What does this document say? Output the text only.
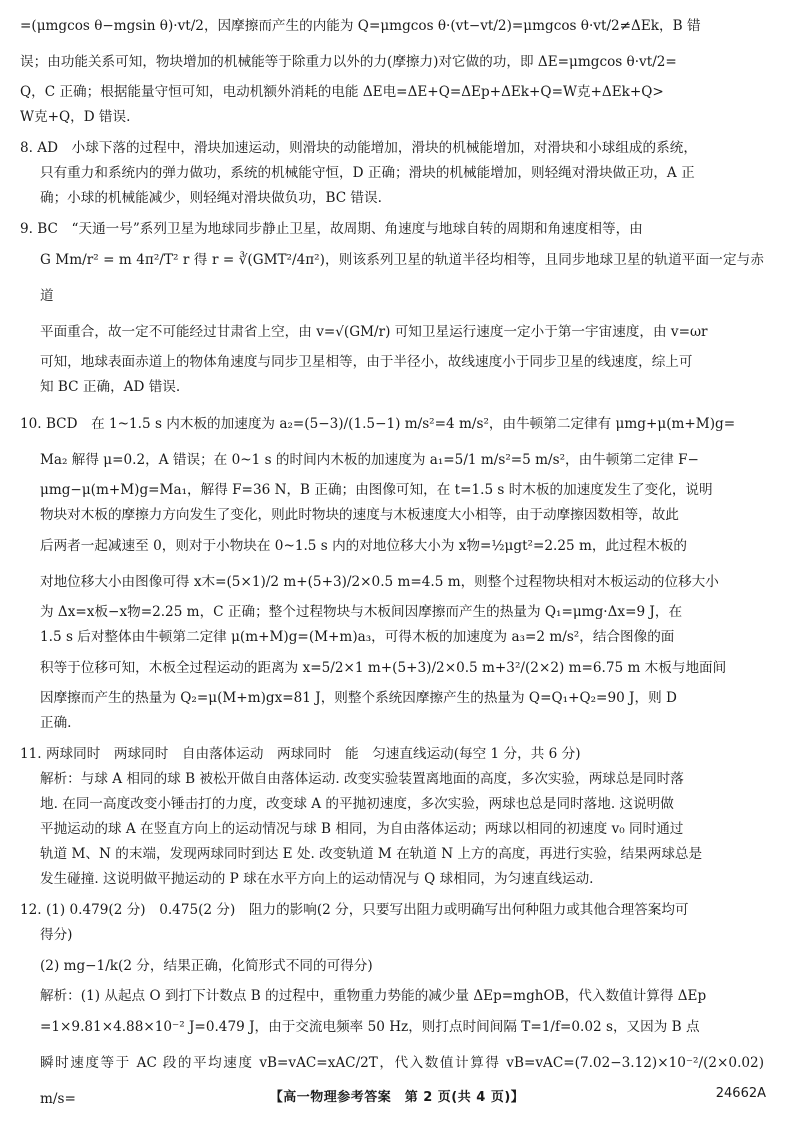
=(μmgcos θ−mgsin θ)·vt/2，因摩擦而产生的内能为 Q=μmgcos θ·(vt−vt/2)=μmgcos θ·vt/2≠ΔEk，B 错

误；由功能关系可知，物块增加的机械能等于除重力以外的力(摩擦力)对它做的功，即 ΔE=μmgcos θ·vt/2=

Q，C 正确；根据能量守恒可知，电动机额外消耗的电能 ΔE电=ΔE+Q=ΔEp+ΔEk+Q=W克+ΔEk+Q>

W克+Q，D 错误.

8. AD　小球下落的过程中，滑块加速运动，则滑块的动能增加，滑块的机械能增加，对滑块和小球组成的系统，

只有重力和系统内的弹力做功，系统的机械能守恒，D 正确；滑块的机械能增加，则轻绳对滑块做正功，A 正

确；小球的机械能减少，则轻绳对滑块做负功，BC 错误.

9. BC　“天通一号”系列卫星为地球同步静止卫星，故周期、角速度与地球自转的周期和角速度相等，由

G Mm/r² = m 4π²/T² r 得 r = ∛(GMT²/4π²)，则该系列卫星的轨道半径均相等，且同步地球卫星的轨道平面一定与赤道

平面重合，故一定不可能经过甘肃省上空，由 v=√(GM/r) 可知卫星运行速度一定小于第一宇宙速度，由 v=ωr

可知，地球表面赤道上的物体角速度与同步卫星相等，由于半径小，故线速度小于同步卫星的线速度，综上可

知 BC 正确，AD 错误.

10. BCD　在 1~1.5 s 内木板的加速度为 a₂=(5−3)/(1.5−1) m/s²=4 m/s²，由牛顿第二定律有 μmg+μ(m+M)g=

Ma₂ 解得 μ=0.2，A 错误；在 0~1 s 的时间内木板的加速度为 a₁=5/1 m/s²=5 m/s²，由牛顿第二定律 F−

μmg−μ(m+M)g=Ma₁，解得 F=36 N，B 正确；由图像可知，在 t=1.5 s 时木板的加速度发生了变化，说明

物块对木板的摩擦力方向发生了变化，则此时物块的速度与木板速度大小相等，由于动摩擦因数相等，故此

后两者一起减速至 0，则对于小物块在 0~1.5 s 内的对地位移大小为 x物=½μgt²=2.25 m，此过程木板的

对地位移大小由图像可得 x木=(5×1)/2 m+(5+3)/2×0.5 m=4.5 m，则整个过程物块相对木板运动的位移大小

为 Δx=x板−x物=2.25 m，C 正确；整个过程物块与木板间因摩擦而产生的热量为 Q₁=μmg·Δx=9 J，在

1.5 s 后对整体由牛顿第二定律 μ(m+M)g=(M+m)a₃，可得木板的加速度为 a₃=2 m/s²，结合图像的面

积等于位移可知，木板全过程运动的距离为 x=5/2×1 m+(5+3)/2×0.5 m+3²/(2×2) m=6.75 m 木板与地面间

因摩擦而产生的热量为 Q₂=μ(M+m)gx=81 J，则整个系统因摩擦产生的热量为 Q=Q₁+Q₂=90 J，则 D

正确.

11. 两球同时　两球同时　自由落体运动　两球同时　能　匀速直线运动(每空 1 分，共 6 分)

解析：与球 A 相同的球 B 被松开做自由落体运动. 改变实验装置离地面的高度，多次实验，两球总是同时落

地. 在同一高度改变小锤击打的力度，改变球 A 的平抛初速度，多次实验，两球也总是同时落地. 这说明做

平抛运动的球 A 在竖直方向上的运动情况与球 B 相同，为自由落体运动；两球以相同的初速度 v₀ 同时通过

轨道 M、N 的末端，发现两球同时到达 E 处. 改变轨道 M 在轨道 N 上方的高度，再进行实验，结果两球总是

发生碰撞. 这说明做平抛运动的 P 球在水平方向上的运动情况与 Q 球相同，为匀速直线运动.

12. (1) 0.479(2 分)　0.475(2 分)　阻力的影响(2 分，只要写出阻力或明确写出何种阻力或其他合理答案均可

得分)

(2) mg−1/k(2 分，结果正确，化简形式不同的可得分)

解析：(1) 从起点 O 到打下计数点 B 的过程中，重物重力势能的减少量 ΔEp=mghOB，代入数值计算得 ΔEp

=1×9.81×4.88×10⁻² J=0.479 J，由于交流电频率 50 Hz，则打点时间间隔 T=1/f=0.02 s，又因为 B 点

瞬时速度等于 AC 段的平均速度 vB=vAC=xAC/2T，代入数值计算得 vB=vAC=(7.02−3.12)×10⁻²/(2×0.02) m/s=	【高一物理参考答案　第 2 页(共 4 页)】	24662A
